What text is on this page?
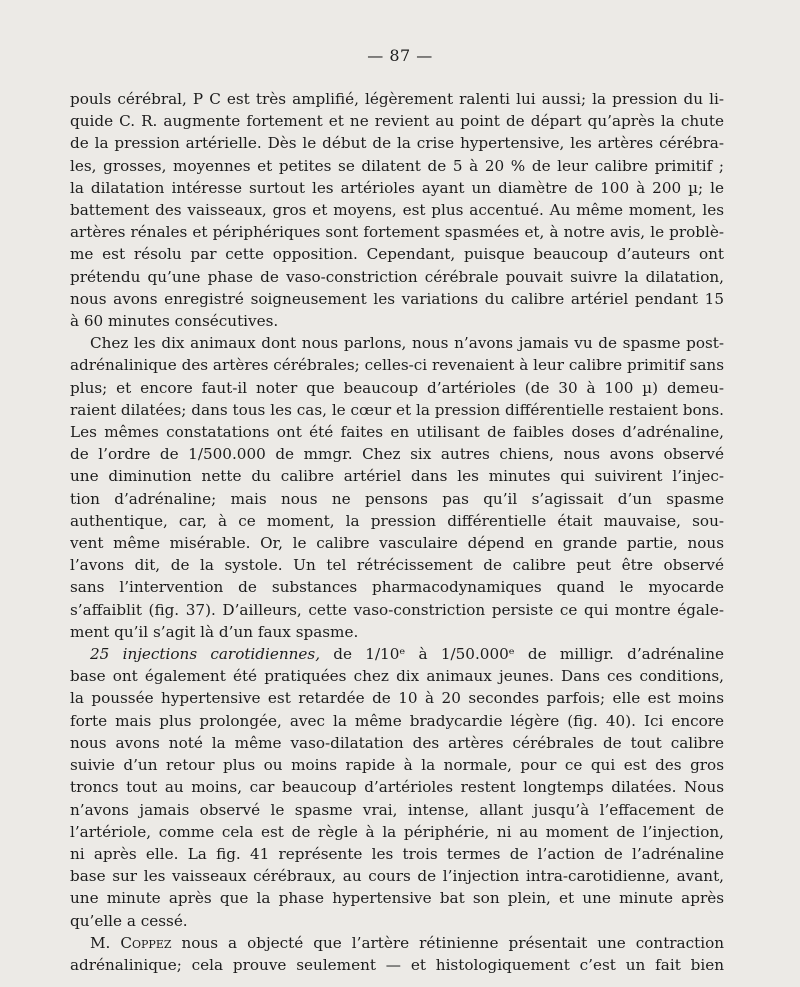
— 87 —
pouls cérébral, P C est très amplifié, légèrement ralenti lui aussi; la pression du li-
quide C. R. augmente fortement et ne revient au point de départ qu’après la chute
de la pression artérielle. Dès le début de la crise hypertensive, les artères cérébra-
les, grosses, moyennes et petites se dilatent de 5 à 20 % de leur calibre primitif ;
la dilatation intéresse surtout les artérioles ayant un diamètre de 100 à 200 µ; le
battement des vaisseaux, gros et moyens, est plus accentué. Au même moment, les
artères rénales et périphériques sont fortement spasmées et, à notre avis, le problè-
me est résolu par cette opposition. Cependant, puisque beaucoup d’auteurs ont
prétendu qu’une phase de vaso-constriction cérébrale pouvait suivre la dilatation,
nous avons enregistré soigneusement les variations du calibre artériel pendant 15
à 60 minutes consécutives.
Chez les dix animaux dont nous parlons, nous n’avons jamais vu de spasme post-
adrénalinique des artères cérébrales; celles-ci revenaient à leur calibre primitif sans
plus; et encore faut-il noter que beaucoup d’artérioles (de 30 à 100 µ) demeu-
raient dilatées; dans tous les cas, le cœur et la pression différentielle restaient bons.
Les mêmes constatations ont été faites en utilisant de faibles doses d’adrénaline,
de l’ordre de 1/500.000 de mmgr. Chez six autres chiens, nous avons observé
une diminution nette du calibre artériel dans les minutes qui suivirent l’injec-
tion d’adrénaline; mais nous ne pensons pas qu’il s’agissait d’un spasme
authentique, car, à ce moment, la pression différentielle était mauvaise, sou-
vent même misérable. Or, le calibre vasculaire dépend en grande partie, nous
l’avons dit, de la systole. Un tel rétrécissement de calibre peut être observé
sans l’intervention de substances pharmacodynamiques quand le myocarde
s’affaiblit (fig. 37). D’ailleurs, cette vaso-constriction persiste ce qui montre égale-
ment qu’il s’agit là d’un faux spasme.
25 injections carotidiennes, de 1/10ᵉ à 1/50.000ᵉ de milligr. d’adrénaline
base ont également été pratiquées chez dix animaux jeunes. Dans ces conditions,
la poussée hypertensive est retardée de 10 à 20 secondes parfois; elle est moins
forte mais plus prolongée, avec la même bradycardie légère (fig. 40). Ici encore
nous avons noté la même vaso-dilatation des artères cérébrales de tout calibre
suivie d’un retour plus ou moins rapide à la normale, pour ce qui est des gros
troncs tout au moins, car beaucoup d’artérioles restent longtemps dilatées. Nous
n’avons jamais observé le spasme vrai, intense, allant jusqu’à l’effacement de
l’artériole, comme cela est de règle à la périphérie, ni au moment de l’injection,
ni après elle. La fig. 41 représente les trois termes de l’action de l’adrénaline
base sur les vaisseaux cérébraux, au cours de l’injection intra-carotidienne, avant,
une minute après que la phase hypertensive bat son plein, et une minute après
qu’elle a cessé.
M. Coppez nous a objecté que l’artère rétinienne présentait une contraction
adrénalinique; cela prouve seulement — et histologiquement c’est un fait bien
